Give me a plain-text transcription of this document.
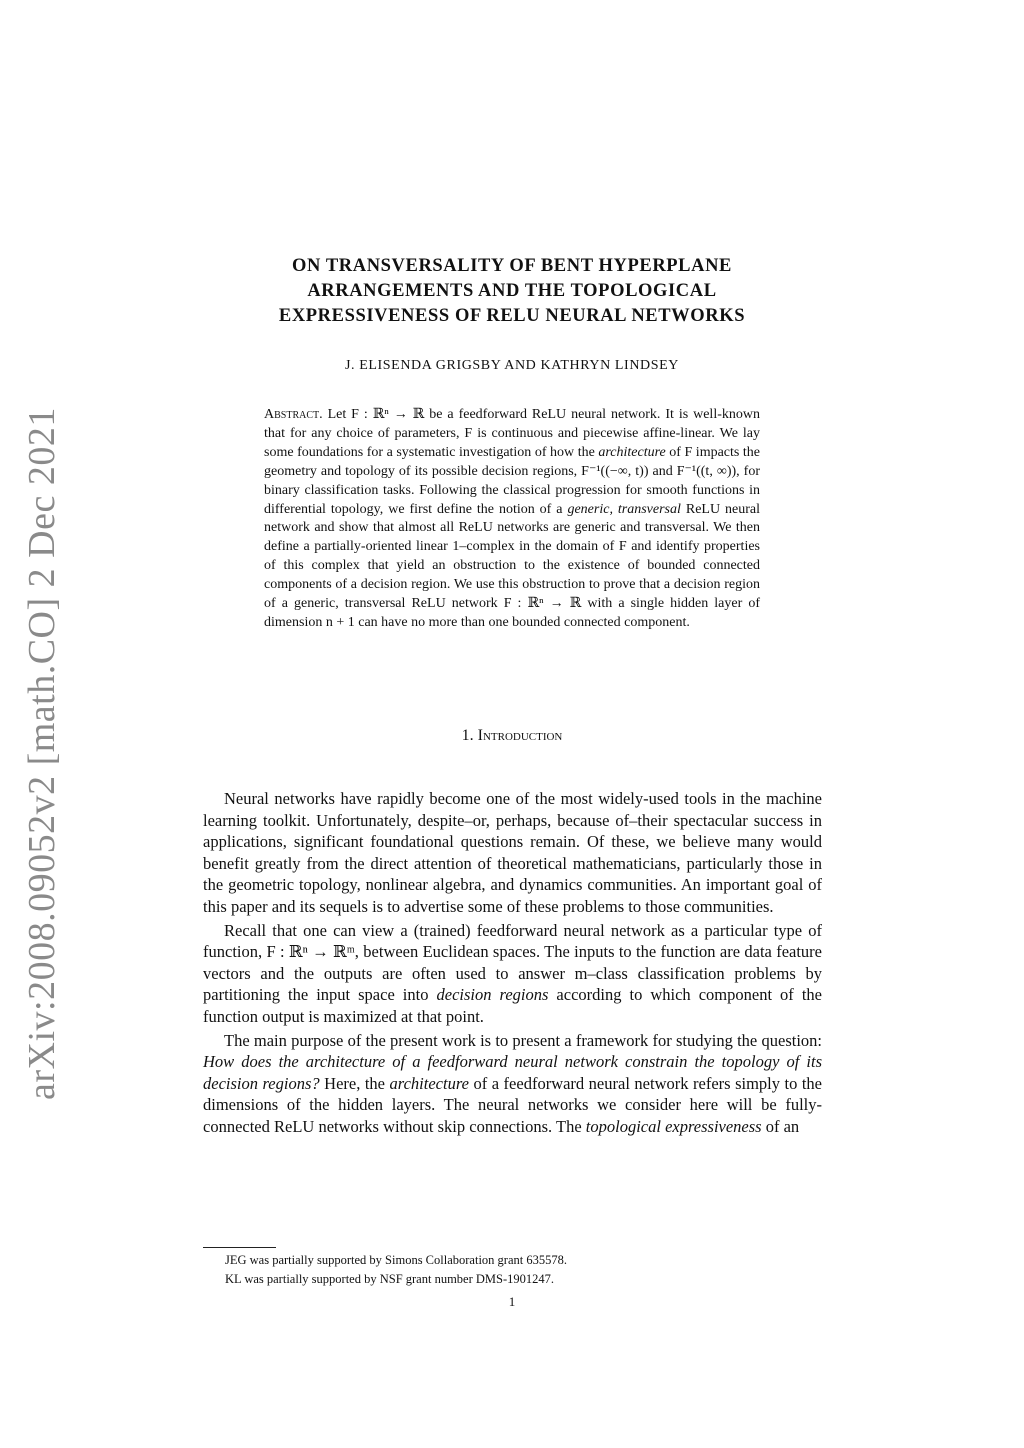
arXiv:2008.09052v2 [math.CO] 2 Dec 2021
ON TRANSVERSALITY OF BENT HYPERPLANE
ARRANGEMENTS AND THE TOPOLOGICAL
EXPRESSIVENESS OF RELU NEURAL NETWORKS
J. ELISENDA GRIGSBY AND KATHRYN LINDSEY
Abstract. Let F : ℝⁿ → ℝ be a feedforward ReLU neural network. It is well-known that for any choice of parameters, F is continuous and piecewise affine-linear. We lay some foundations for a systematic investigation of how the architecture of F impacts the geometry and topology of its possible decision regions, F⁻¹((−∞, t)) and F⁻¹((t, ∞)), for binary classification tasks. Following the classical progression for smooth functions in differential topology, we first define the notion of a generic, transversal ReLU neural network and show that almost all ReLU networks are generic and transversal. We then define a partially-oriented linear 1–complex in the domain of F and identify properties of this complex that yield an obstruction to the existence of bounded connected components of a decision region. We use this obstruction to prove that a decision region of a generic, transversal ReLU network F : ℝⁿ → ℝ with a single hidden layer of dimension n + 1 can have no more than one bounded connected component.
1. Introduction

Neural networks have rapidly become one of the most widely-used tools in the machine learning toolkit. Unfortunately, despite–or, perhaps, because of–their spectacular success in applications, significant foundational questions remain. Of these, we believe many would benefit greatly from the direct attention of theoretical mathematicians, particularly those in the geometric topology, nonlinear algebra, and dynamics communities. An important goal of this paper and its sequels is to advertise some of these problems to those communities.

Recall that one can view a (trained) feedforward neural network as a particular type of function, F : ℝⁿ → ℝᵐ, between Euclidean spaces. The inputs to the function are data feature vectors and the outputs are often used to answer m–class classification problems by partitioning the input space into decision regions according to which component of the function output is maximized at that point.

The main purpose of the present work is to present a framework for studying the question: How does the architecture of a feedforward neural network constrain the topology of its decision regions? Here, the architecture of a feedforward neural network refers simply to the dimensions of the hidden layers. The neural networks we consider here will be fully-connected ReLU networks without skip connections. The topological expressiveness of an

JEG was partially supported by Simons Collaboration grant 635578.
KL was partially supported by NSF grant number DMS-1901247.
1
